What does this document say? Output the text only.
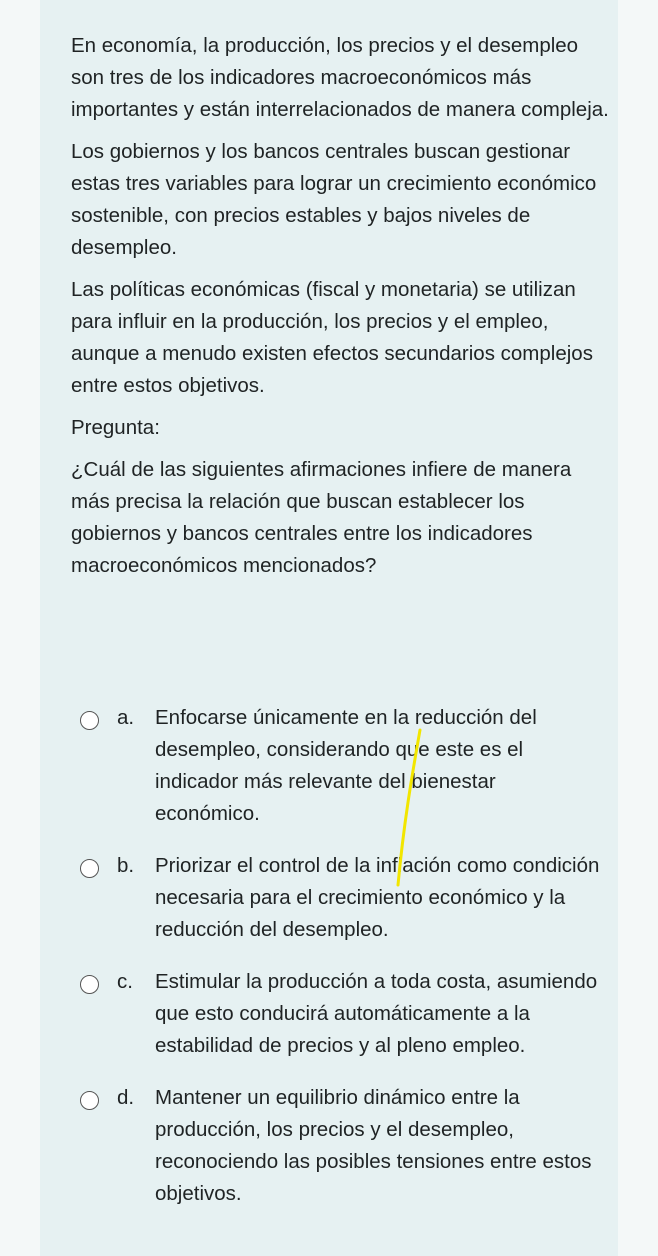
En economía, la producción, los precios y el desempleo son tres de los indicadores macroeconómicos más importantes y están interrelacionados de manera compleja.

Los gobiernos y los bancos centrales buscan gestionar estas tres variables para lograr un crecimiento económico sostenible, con precios estables y bajos niveles de desempleo.

Las políticas económicas (fiscal y monetaria) se utilizan para influir en la producción, los precios y el empleo, aunque a menudo existen efectos secundarios complejos entre estos objetivos.

Pregunta:

¿Cuál de las siguientes afirmaciones infiere de manera más precisa la relación que buscan establecer los gobiernos y bancos centrales entre los indicadores macroeconómicos mencionados?

a.	Enfocarse únicamente en la reducción del desempleo, considerando que este es el indicador más relevante del bienestar económico.
b.	Priorizar el control de la inflación como condición necesaria para el crecimiento económico y la reducción del desempleo.
c.	Estimular la producción a toda costa, asumiendo que esto conducirá automáticamente a la estabilidad de precios y al pleno empleo.
d.	Mantener un equilibrio dinámico entre la producción, los precios y el desempleo, reconociendo las posibles tensiones entre estos objetivos.
